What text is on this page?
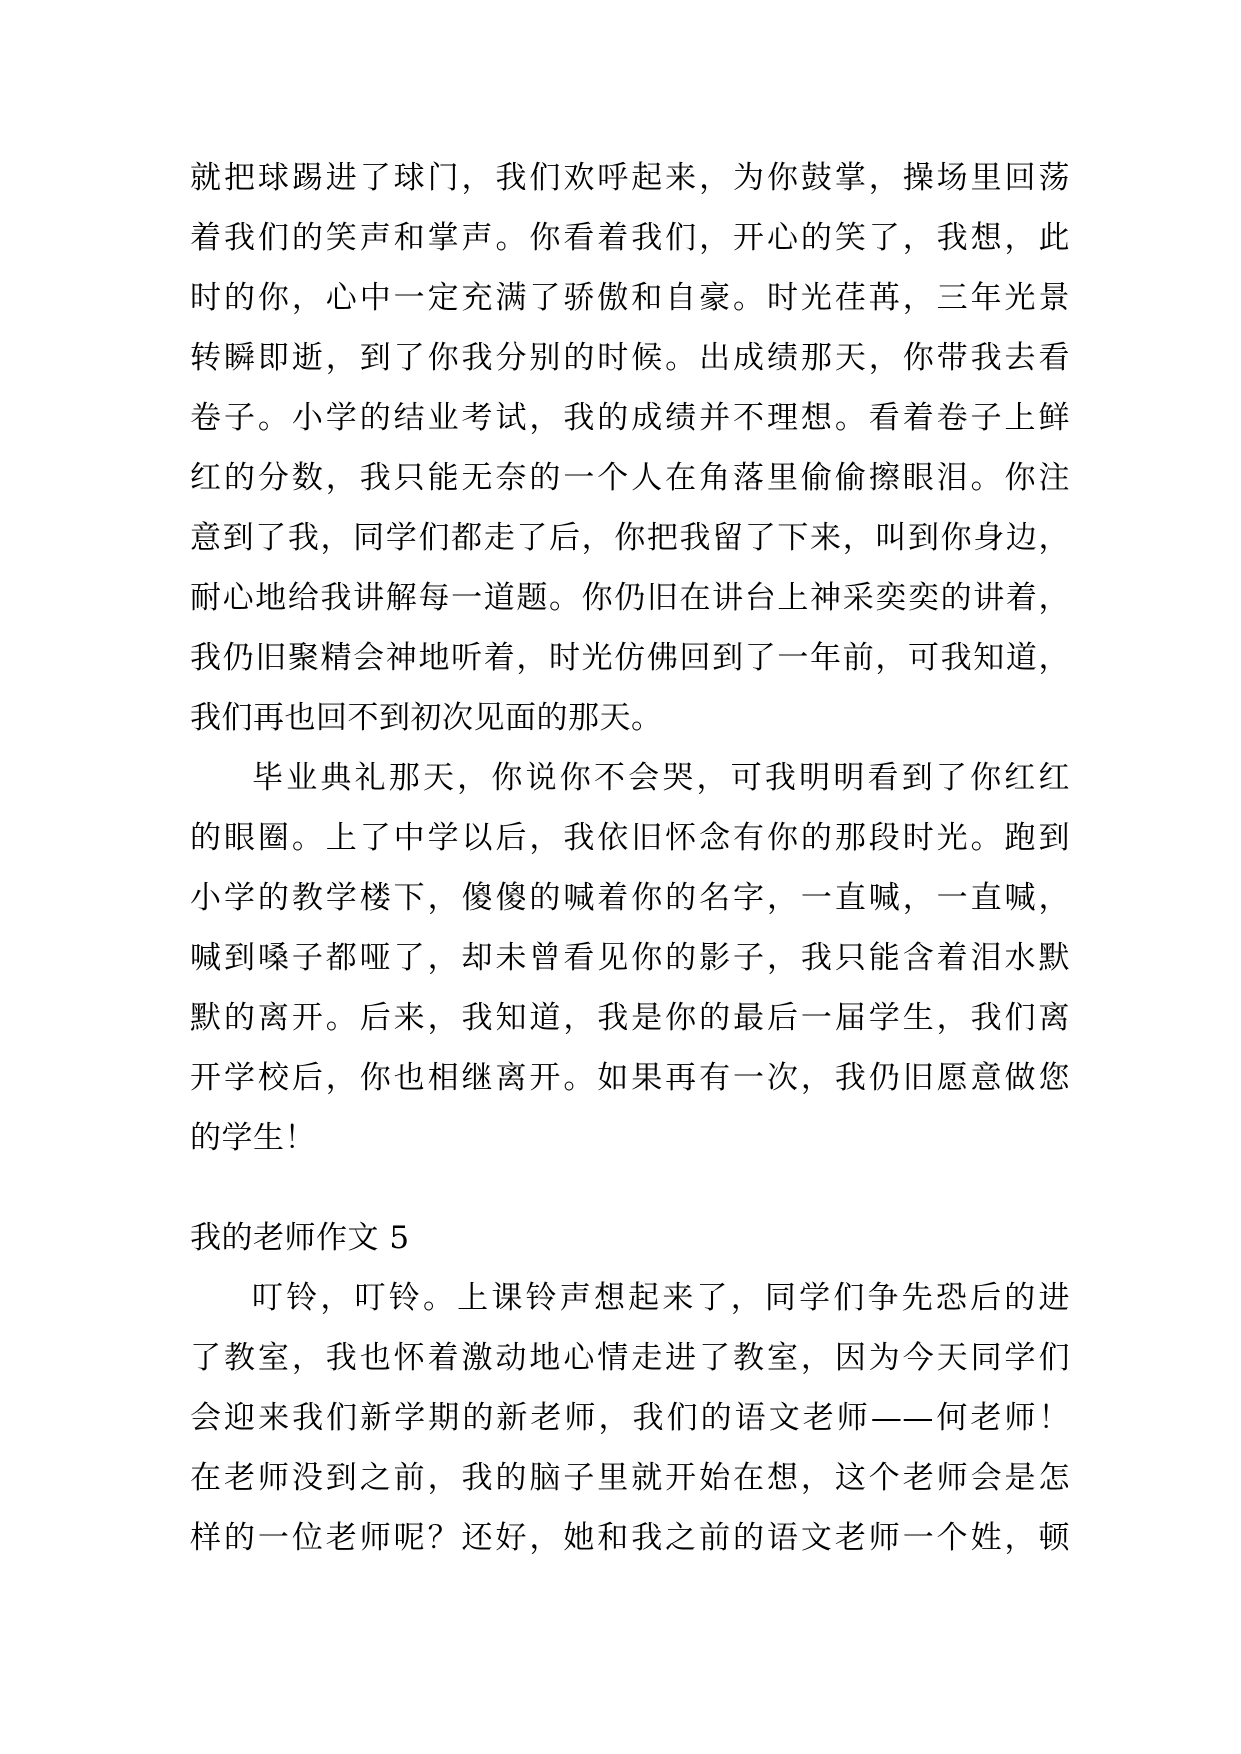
就把球踢进了球门，我们欢呼起来，为你鼓掌，操场里回荡
着我们的笑声和掌声。你看着我们，开心的笑了，我想，此
时的你，心中一定充满了骄傲和自豪。时光荏苒，三年光景
转瞬即逝，到了你我分别的时候。出成绩那天，你带我去看
卷子。小学的结业考试，我的成绩并不理想。看着卷子上鲜
红的分数，我只能无奈的一个人在角落里偷偷擦眼泪。你注
意到了我，同学们都走了后，你把我留了下来，叫到你身边，
耐心地给我讲解每一道题。你仍旧在讲台上神采奕奕的讲着，
我仍旧聚精会神地听着，时光仿佛回到了一年前，可我知道，
我们再也回不到初次见面的那天。
毕业典礼那天，你说你不会哭，可我明明看到了你红红
的眼圈。上了中学以后，我依旧怀念有你的那段时光。跑到
小学的教学楼下，傻傻的喊着你的名字，一直喊，一直喊，
喊到嗓子都哑了，却未曾看见你的影子，我只能含着泪水默
默的离开。后来，我知道，我是你的最后一届学生，我们离
开学校后，你也相继离开。如果再有一次，我仍旧愿意做您
的学生！
我的老师作文 5
叮铃，叮铃。上课铃声想起来了，同学们争先恐后的进
了教室，我也怀着激动地心情走进了教室，因为今天同学们
会迎来我们新学期的新老师，我们的语文老师——何老师！
在老师没到之前，我的脑子里就开始在想，这个老师会是怎
样的一位老师呢？还好，她和我之前的语文老师一个姓，顿
